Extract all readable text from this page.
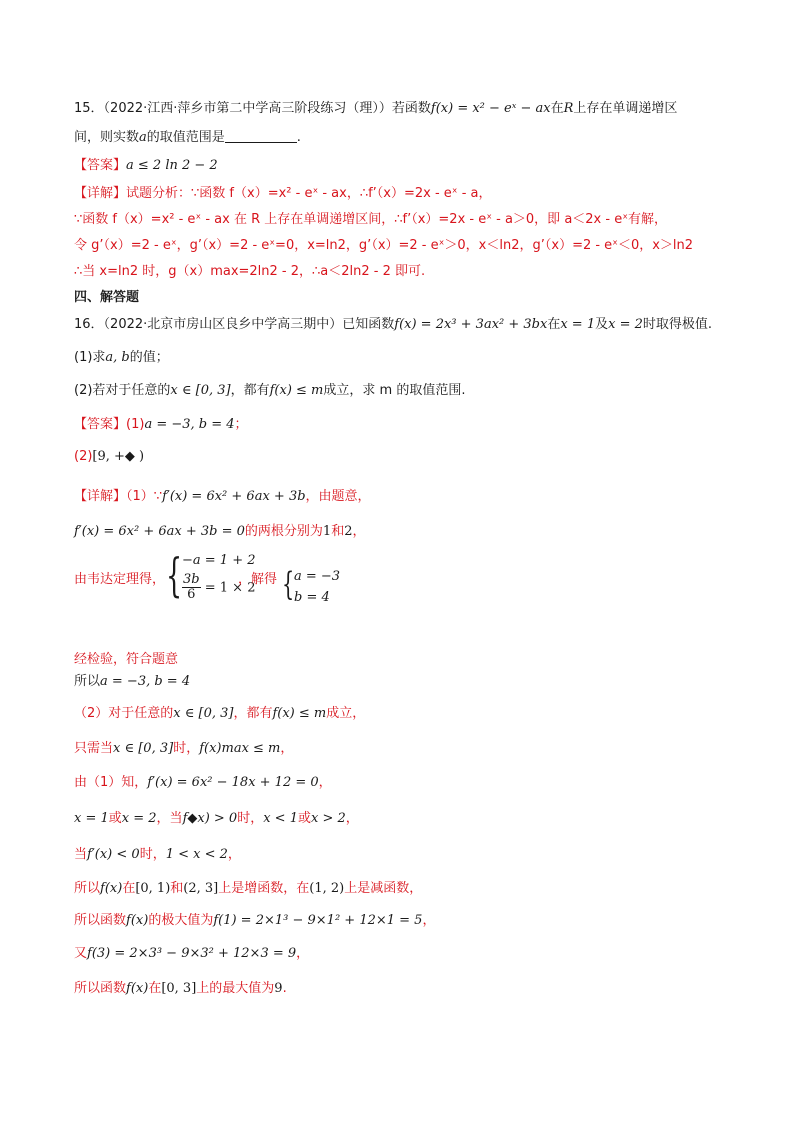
15．（2022·江西·萍乡市第二中学高三阶段练习（理））若函数f(x) = x² − eˣ − ax在R上存在单调递增区
间，则实数a的取值范围是	.
【答案】a ≤ 2 ln 2 − 2
【详解】试题分析：∵函数 f（x）=x² - eˣ - ax，∴f’（x）=2x - eˣ - a，
∵函数 f（x）=x² - eˣ - ax 在 R 上存在单调递增区间，∴f’（x）=2x - eˣ - a＞0，即 a＜2x - eˣ有解，
令 g’（x）=2 - eˣ，g’（x）=2 - eˣ=0，x=ln2，g’（x）=2 - eˣ＞0，x＜ln2，g’（x）=2 - eˣ＜0，x＞ln2
∴当 x=ln2 时，g（x）max=2ln2 - 2，∴a＜2ln2 - 2 即可.
四、解答题
16．（2022·北京市房山区良乡中学高三期中）已知函数f(x) = 2x³ + 3ax² + 3bx在x = 1及x = 2时取得极值.
(1)求a, b的值；
(2)若对于任意的x ∈ [0, 3]，都有f(x) ≤ m成立，求 m 的取值范围.
【答案】(1)a = −3, b = 4；
(2)[9, +◆ )
【详解】（1）∵f′(x) = 6x² + 6ax + 3b，由题意，
f′(x) = 6x² + 6ax + 3b = 0的两根分别为1和2，
由韦达定理得， { −a = 1 + 2
$\frac{3b}{6} = 1 \times 2$
，解得 { a = −3
b = 4
经检验，符合题意
所以a = −3, b = 4
（2）对于任意的x ∈ [0, 3]，都有f(x) ≤ m成立，
只需当x ∈ [0, 3]时，f(x)max ≤ m，
由（1）知，f′(x) = 6x² − 18x + 12 = 0，
x = 1或x = 2，当f◆x) > 0时，x < 1或x > 2，
当f′(x) < 0时，1 < x < 2，
所以f(x)在[0, 1)和(2, 3]上是增函数，在(1, 2)上是减函数，
所以函数f(x)的极大值为f(1) = 2×1³ − 9×1² + 12×1 = 5，
又f(3) = 2×3³ − 9×3² + 12×3 = 9，
所以函数f(x)在[0, 3]上的最大值为9.
